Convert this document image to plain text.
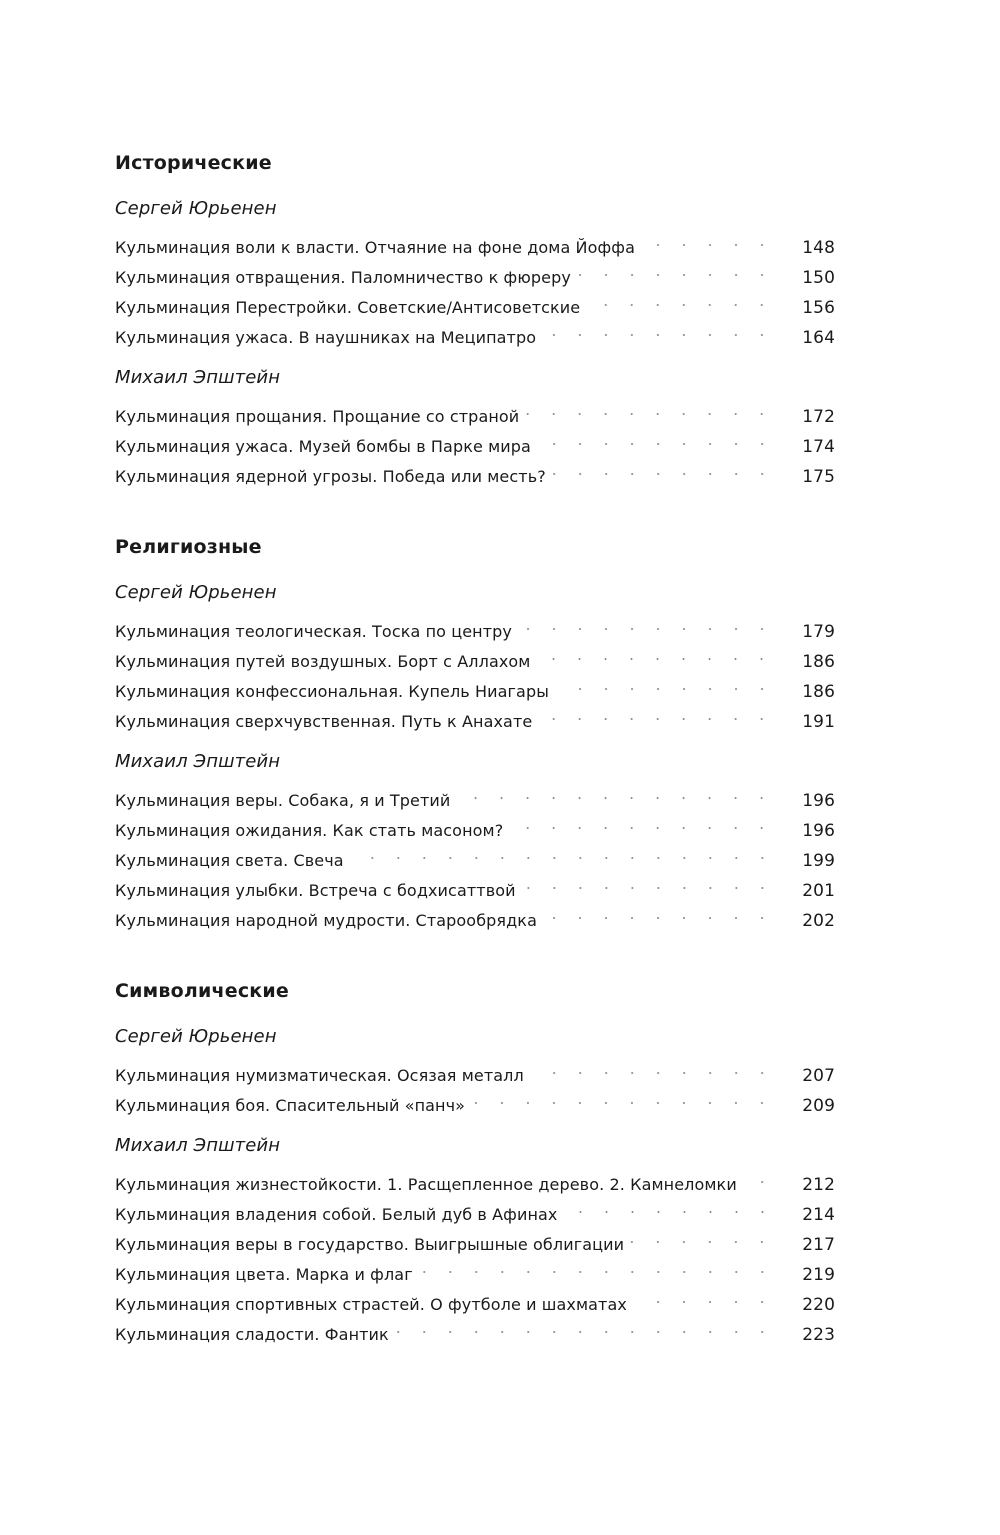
Исторические
Сергей Юрьенен
Кульминация воли к власти. Отчаяние на фоне дома Йоффа	148
Кульминация отвращения. Паломничество к фюреру	150
Кульминация Перестройки. Советские/Антисоветские	156
Кульминация ужаса. В наушниках на Меципатро	164
Михаил Эпштейн
Кульминация прощания. Прощание со страной	172
Кульминация ужаса. Музей бомбы в Парке мира	174
Кульминация ядерной угрозы. Победа или месть?	175
Религиозные
Сергей Юрьенен
Кульминация теологическая. Тоска по центру	179
Кульминация путей воздушных. Борт с Аллахом	186
Кульминация конфессиональная. Купель Ниагары	186
Кульминация сверхчувственная. Путь к Анахате	191
Михаил Эпштейн
Кульминация веры. Собака, я и Третий	196
Кульминация ожидания. Как стать масоном?	196
Кульминация света. Свеча	199
Кульминация улыбки. Встреча с бодхисаттвой	201
Кульминация народной мудрости. Старообрядка	202
Символические
Сергей Юрьенен
Кульминация нумизматическая. Осязая металл	207
Кульминация боя. Спасительный «панч»	209
Михаил Эпштейн
Кульминация жизнестойкости. 1. Расщепленное дерево. 2. Камнеломки	212
Кульминация владения собой. Белый дуб в Афинах	214
Кульминация веры в государство. Выигрышные облигации	217
Кульминация цвета. Марка и флаг	219
Кульминация спортивных страстей. О футболе и шахматах	220
Кульминация сладости. Фантик	223
